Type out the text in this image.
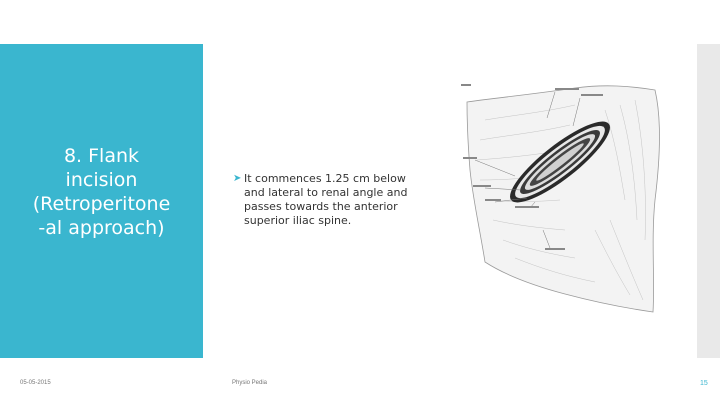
8. Flank
incision
(Retroperitone
-al approach)
➤ It commences 1.25 cm below
and lateral to renal angle and
passes towards the anterior
superior iliac spine.
05-05-2015	Physio Pedia	15
